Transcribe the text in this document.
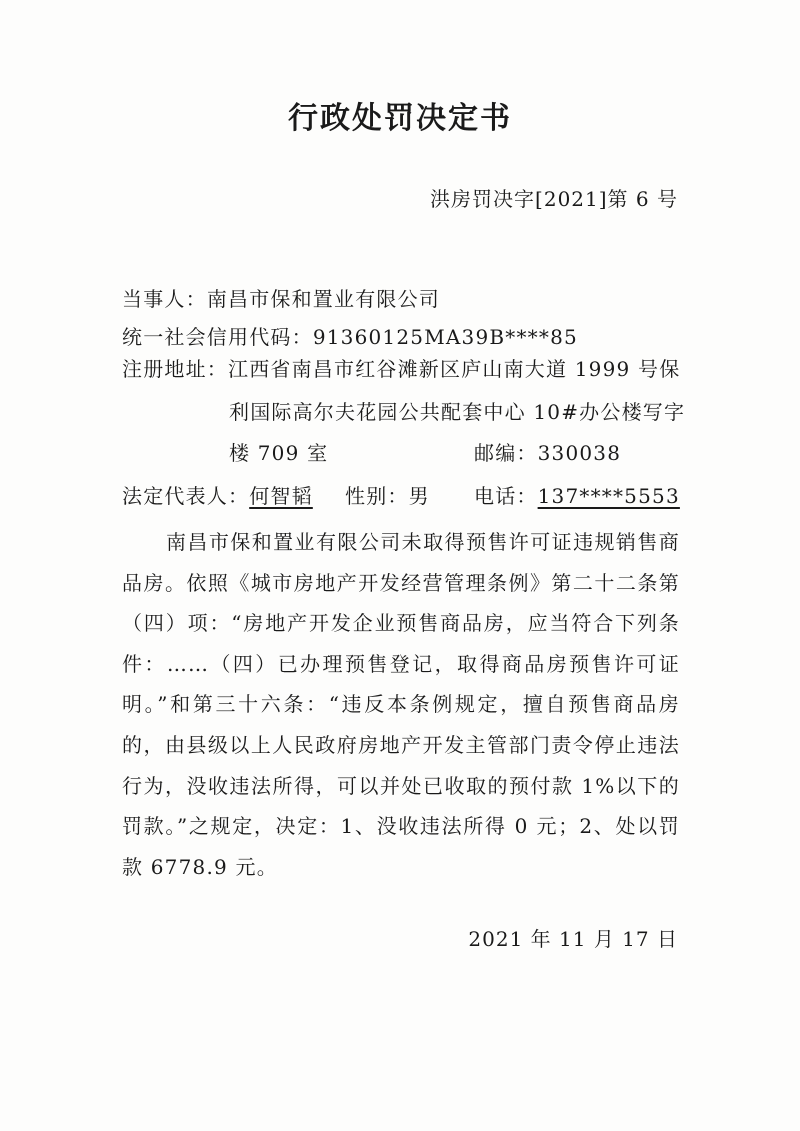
行政处罚决定书
洪房罚决字[2021]第 6 号
当事人：南昌市保和置业有限公司
统一社会信用代码：91360125MA39B****85
注册地址：江西省南昌市红谷滩新区庐山南大道 1999 号保
利国际高尔夫花园公共配套中心 10#办公楼写字
楼 709 室	邮编：330038
法定代表人：何智韬 性别：男 电话：137****5553
南昌市保和置业有限公司未取得预售许可证违规销售商品房。依照《城市房地产开发经营管理条例》第二十二条第（四）项：“房地产开发企业预售商品房，应当符合下列条件：……（四）已办理预售登记，取得商品房预售许可证明。”和第三十六条：“违反本条例规定，擅自预售商品房的，由县级以上人民政府房地产开发主管部门责令停止违法行为，没收违法所得，可以并处已收取的预付款 1%以下的罚款。”之规定，决定：1、没收违法所得 0 元；2、处以罚款 6778.9 元。
2021 年 11 月 17 日
